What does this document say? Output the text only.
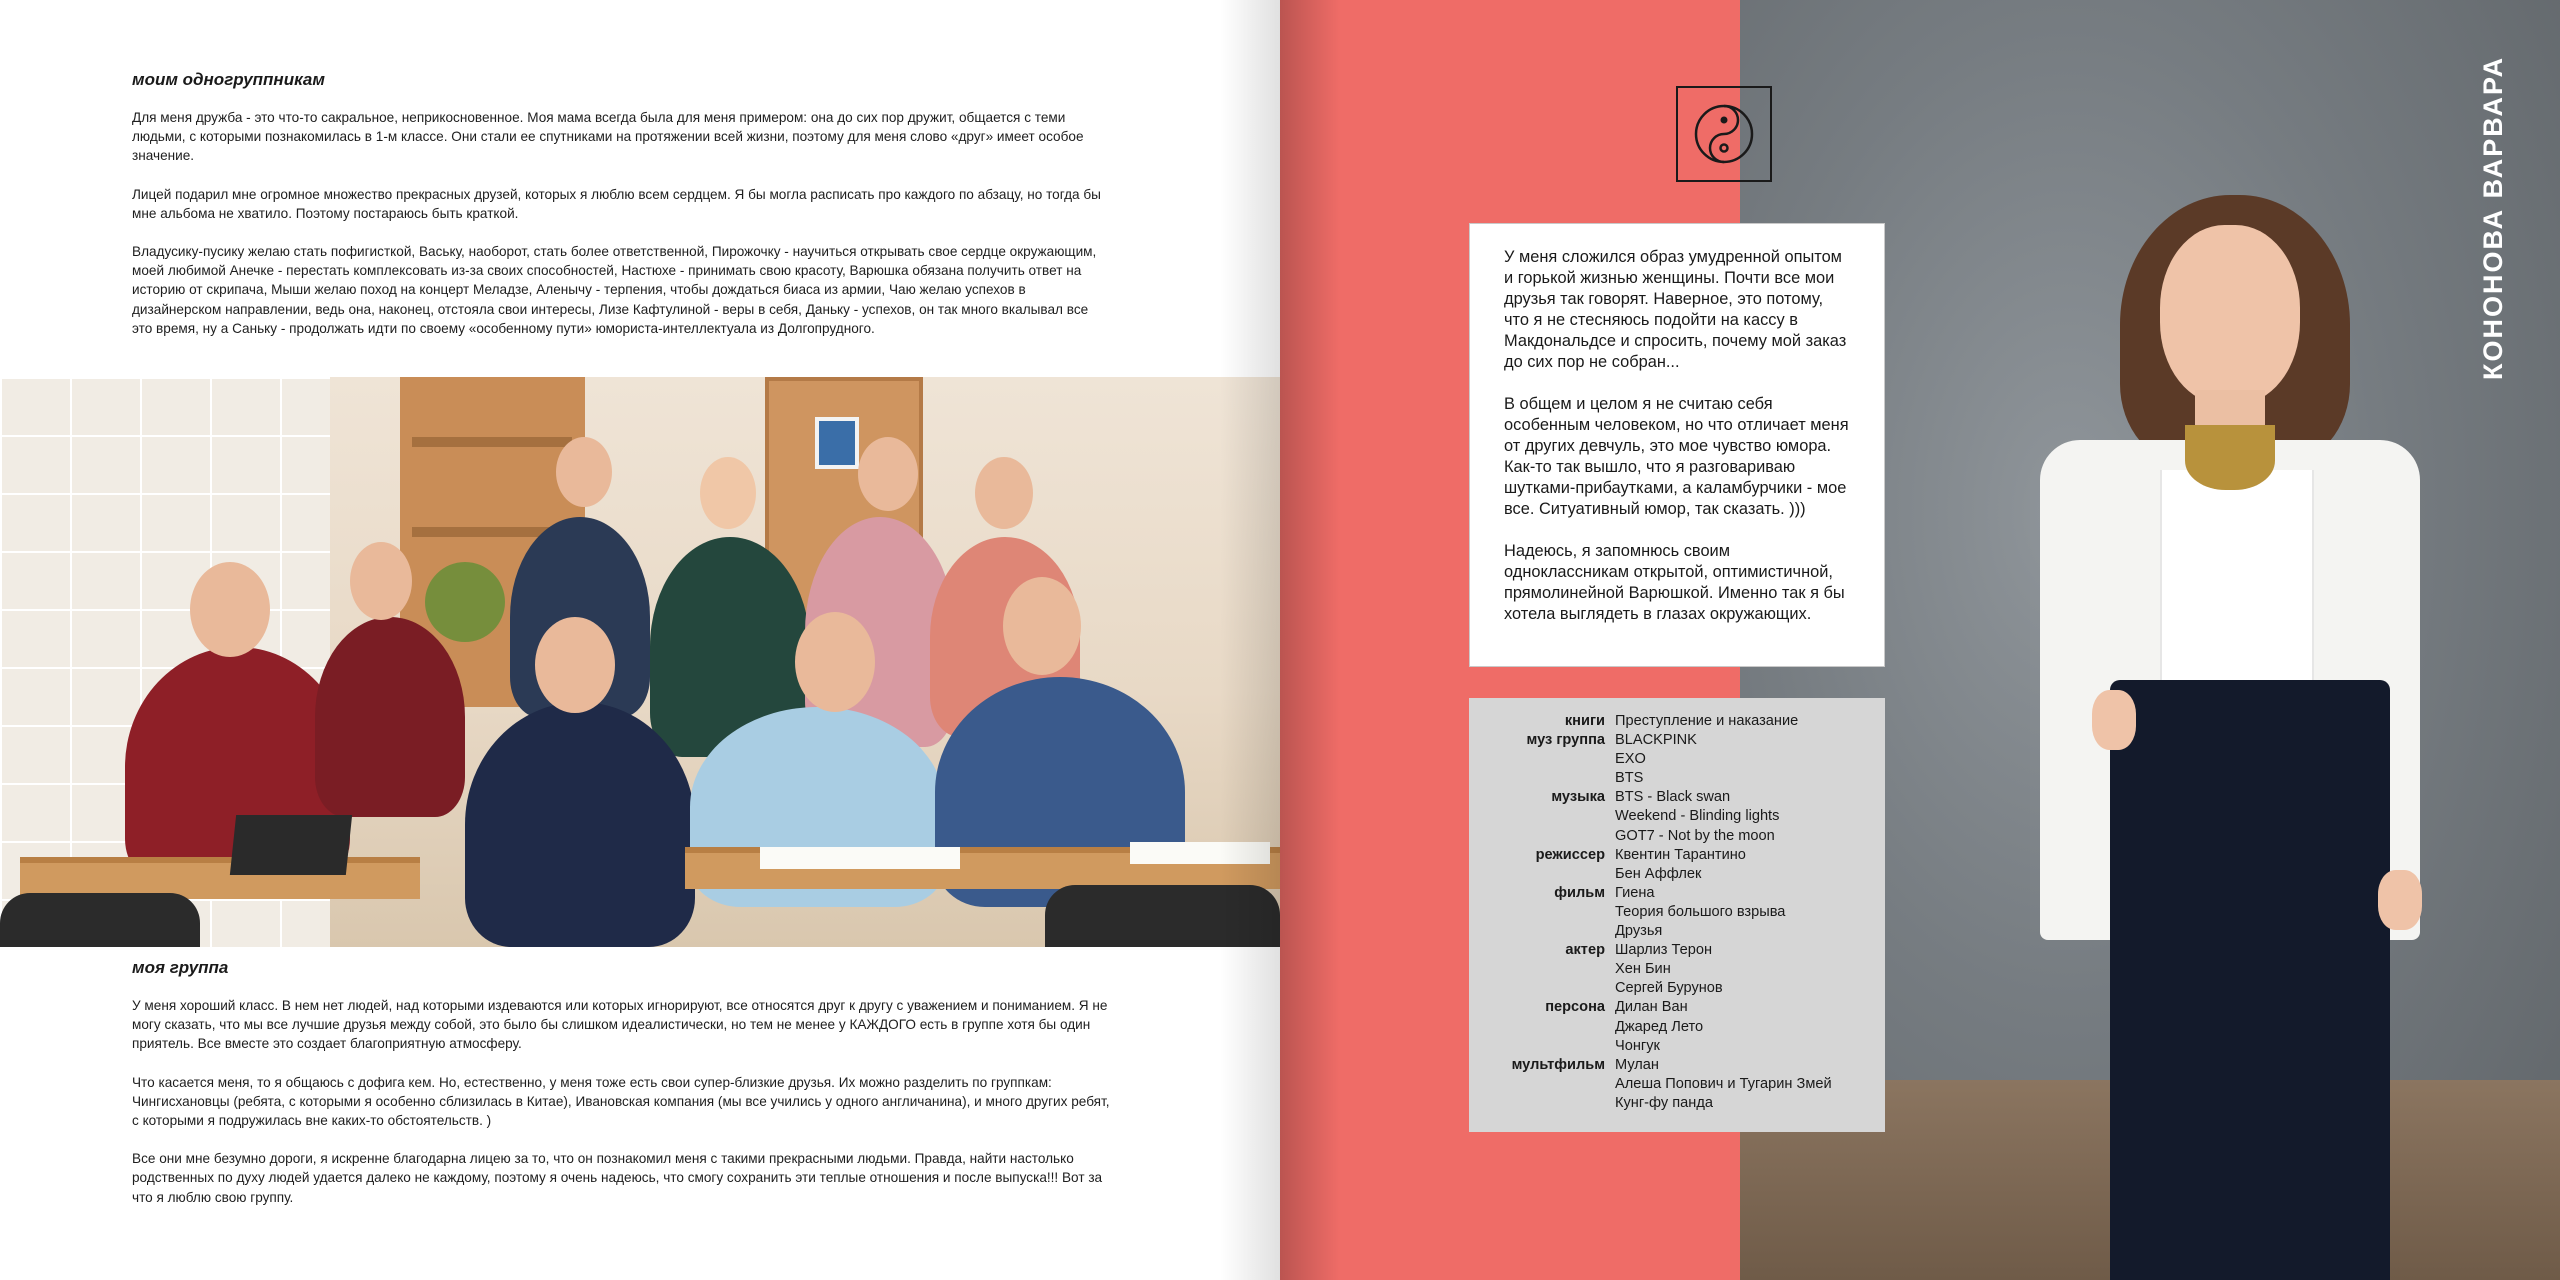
моим одногруппникам

Для меня дружба - это что-то сакральное, неприкосновенное. Моя мама всегда была для меня примером: она до сих пор дружит, общается с теми людьми, с которыми познакомилась в 1-м классе. Они стали ее спутниками на протяжении всей жизни, поэтому для меня слово «друг» имеет особое значение.

Лицей подарил мне огромное множество прекрасных друзей, которых я люблю всем сердцем. Я бы могла расписать про каждого по абзацу, но тогда бы мне альбома не хватило. Поэтому постараюсь быть краткой.

Владусику-пусику желаю стать пофигисткой, Ваську, наоборот, стать более ответственной, Пирожочку - научиться открывать свое сердце окружающим, моей любимой Анечке - перестать комплексовать из-за своих способностей, Настюхе - принимать свою красоту, Варюшка обязана получить ответ на историю от скрипача, Мыши желаю поход на концерт Меладзе, Аленычу - терпения, чтобы дождаться биаса из армии, Чаю желаю успехов в дизайнерском направлении, ведь она, наконец, отстояла свои интересы, Лизе Кафтулиной - веры в себя, Даньку - успехов, он так много вкалывал все это время, ну а Саньку - продолжать идти по своему «особенному пути» юмориста-интеллектуала из Долгопрудного.

моя группа

У меня хороший класс. В нем нет людей, над которыми издеваются или которых игнорируют, все относятся друг к другу с уважением и пониманием. Я не могу сказать, что мы все лучшие друзья между собой, это было бы слишком идеалистически, но тем не менее у КАЖДОГО есть в группе хотя бы один приятель. Все вместе это создает благоприятную атмосферу.

Что касается меня, то я общаюсь с дофига кем. Но, естественно, у меня тоже есть свои супер-близкие друзья. Их можно разделить по группкам: Чингисхановцы (ребята, с которыми я особенно сблизилась в Китае), Ивановская компания (мы все учились у одного англичанина), и много других ребят, с которыми я подружилась вне каких-то обстоятельств. )

Все они мне безумно дороги, я искренне благодарна лицею за то, что он познакомил меня с такими прекрасными людьми. Правда, найти настолько родственных по духу людей удается далеко не каждому, поэтому я очень надеюсь, что смогу сохранить эти теплые отношения и после выпуска!!! Вот за что я люблю свою группу.

КОНОНОВА ВАРВАРА

У меня сложился образ умудренной опытом и горькой жизнью женщины. Почти все мои друзья так говорят. Наверное, это потому, что я не стесняюсь подойти на кассу в Макдональдсе и спросить, почему мой заказ до сих пор не собран...

В общем и целом я не считаю себя особенным человеком, но что отличает меня от других девчуль, это мое чувство юмора. Как-то так вышло, что я разговариваю шутками-прибаутками, а каламбурчики - мое все. Ситуативный юмор, так сказать. )))

Надеюсь, я запомнюсь своим одноклассникам открытой, оптимистичной, прямолинейной Варюшкой. Именно так я бы хотела выглядеть в глазах окружающих.

книги Преступление и наказание
муз группа BLACKPINK
EXO
BTS
музыка BTS - Black swan
Weekend - Blinding lights
GOT7 - Not by the moon
режиссер Квентин Тарантино
Бен Аффлек
фильм Гиена
Теория большого взрыва
Друзья
актер Шарлиз Терон
Хен Бин
Сергей Бурунов
персона Дилан Ван
Джаред Лето
Чонгук
мультфильм Мулан
Алеша Попович и Тугарин Змей
Кунг-фу панда
